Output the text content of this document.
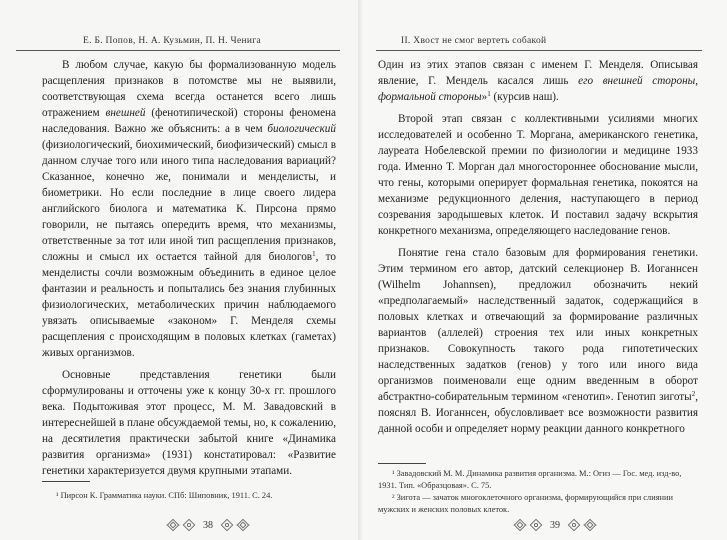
Е. Б. Попов, Н. А. Кузьмин, П. Н. Ченига

В любом случае, какую бы формализованную модель расщепления признаков в потомстве мы не выявили, соответствующая схема всегда останется всего лишь отражением внешней (фенотипической) стороны феномена наследования. Важно же объяснить: а в чем биологический (физиологический, биохимический, биофизический) смысл в данном случае того или иного типа наследования вариаций? Сказанное, конечно же, понимали и менделисты, и биометрики. Но если последние в лице своего лидера английского биолога и математика К. Пирсона прямо говорили, не пытаясь опередить время, что механизмы, ответственные за тот или иной тип расщепления признаков, сложны и смысл их остается тайной для биологов$^1$, то менделисты сочли возможным объединить в единое целое фантазии и реальность и попытались без знания глубинных физиологических, метаболических причин наблюдаемого увязать описываемые «законом» Г. Менделя схемы расщепления с происходящим в половых клетках (гаметах) живых организмов.

Основные представления генетики были сформулированы и отточены уже к концу 30-х гг. прошлого века. Подытоживая этот процесс, М. М. Завадовский в интереснейшей в плане обсуждаемой темы, но, к сожалению, на десятилетия практически забытой книге «Динамика развития организма» (1931) констатировал: «Развитие генетики характеризуется двумя крупными этапами.

¹ Пирсон К. Грамматика науки. СПб: Шиповник, 1911. С. 24.

38
II. Хвост не смог вертеть собакой

Один из этих этапов связан с именем Г. Менделя. Описывая явление, Г. Мендель касался лишь его внешней стороны, формальной стороны»$^1$ (курсив наш).

Второй этап связан с коллективными усилиями многих исследователей и особенно Т. Моргана, американского генетика, лауреата Нобелевской премии по физиологии и медицине 1933 года. Именно Т. Морган дал многостороннее обоснование мысли, что гены, которыми оперирует формальная генетика, покоятся на механизме редукционного деления, наступающего в период созревания зародышевых клеток. И поставил задачу вскрытия конкретного механизма, определяющего наследование генов.

Понятие гена стало базовым для формирования генетики. Этим термином его автор, датский селекционер В. Иоганнсен (Wilhelm Johannsen), предложил обозначить некий «предполагаемый» наследственный задаток, содержащийся в половых клетках и отвечающий за формирование различных вариантов (аллелей) строения тех или иных конкретных признаков. Совокупность такого рода гипотетических наследственных задатков (генов) у того или иного вида организмов поименовали еще одним введенным в оборот абстрактно-собирательным термином «генотип». Генотип зиготы$^2$, пояснял В. Иоганнсен, обусловливает все возможности развития данной особи и определяет норму реакции данного конкретного

¹ Завадовский М. М. Динамика развития организма. М.: Огиз — Гос. мед. изд-во, 1931. Тип. «Образцовая». С. 75.

² Зигота — зачаток многоклеточного организма, формирующийся при слиянии мужских и женских половых клеток.

39
